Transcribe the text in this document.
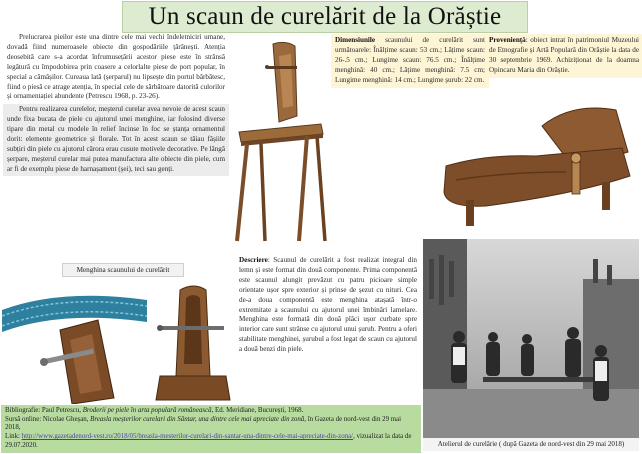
Un scaun de curelărit de la Orăștie

Prelucrarea pieilor este una dintre cele mai vechi îndeletniciri umane, dovadă fiind numeroasele obiecte din gospodăriile țărănești. Atenția deosebită care s-a acordat înfrumusețării acestor piese este în strânsă legătură cu împodobirea prin coasere a celorlalte piese de port popular, în special a cămășilor. Cureaua lată (șerparul) nu lipsește din portul bărbătesc, fiind o piesă ce atrage atenția, în special cele de sărbătoare datorită culorilor și ornamentației abundente (Petrescu 1968, p. 23-26).

Pentru realizarea curelelor, meșterul curelar avea nevoie de acest scaun unde fixa bucata de piele cu ajutorul unei menghine, iar folosind diverse tipare din metal cu modele în relief încinse în foc se ștanța ornamentul dorit: elemente geometrice și florale. Tot în acest scaun se tăiau fâșiile subțiri din piele cu ajutorul cărora erau cusute motivele decorative. Pe lângă șerpare, meșterul curelar mai putea manufactura alte obiecte din piele, cum ar fi de exemplu piese de harnașament (șei), teci sau genți.

Dimensiunile scaunului de curelărit sunt următoarele: Înălțime scaun: 53 cm.; Lățime scaun: 26-.5 cm.; Lungime scaun: 76.5 cm.; Înălțime menghină: 40 cm.; Lățime menghină: 7.5 cm; Lungime menghină: 14 cm.; Lungime șurub: 22 cm.
Proveniență: obiect intrat în patrimoniul Muzeului de Etnografie și Artă Populară din Orăștie la data de 30 septembrie 1969. Achiziționat de la doamna Opincaru Maria din Orăștie.
Menghina scaunului de curelărit

Descriere: Scaunul de curelărit a fost realizat integral din lemn și este format din două componente. Prima componentă este scaunul alungit prevăzut cu patru picioare simple orientate ușor spre exterior și prinse de șezut cu nituri. Cea de-a doua componentă este menghina atașată într-o extremitate a scaunului cu ajutorul unei îmbinări lamelare. Menghina este formată din două plăci ușor curbate spre interior care sunt strânse cu ajutorul unui șurub. Pentru a oferi stabilitate menghinei, șurubul a fost legat de scaun cu ajutorul a două benzi din piele.

Atelierul de curelărie ( după Gazeta de nord-vest din 29 mai 2018)
Bibliografie: Paul Petrescu, Broderii pe piele în arta populară românească, Ed. Meridiane, București, 1968.
Sursă online: Nicolae Gheșan, Breasla meșterilor curelari din Sântar, una dintre cele mai apreciate din zonă, în Gazeta de nord-vest din 29 mai 2018,
Link: http://www.gazetadenord-vest.ro/2018/05/breasla-mesterilor-curelari-din-santar-una-dintre-cele-mai-apreciate-din-zona/, vizualizat la data de 29.07.2020.
